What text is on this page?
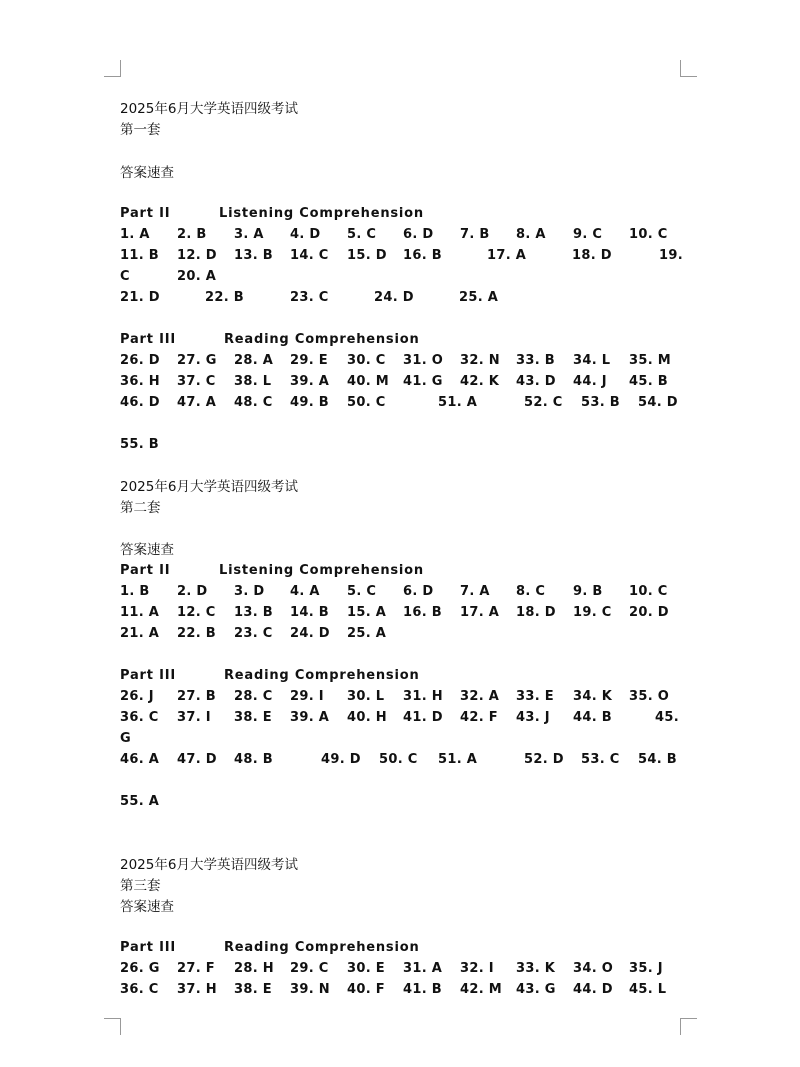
2025年6月大学英语四级考试
第一套
答案速查

Part II

	Listening Comprehension

1. A 2. B 3. A 4. D 5. C 6. D 7. B 8. A 9. C 10. C
11. B 12. D 13. B 14. C 15. D 16. B	17. A	18. D	19.
C	20. A
21. D	22. B	23. C	24. D	25. A

Part III

	Reading Comprehension

26. D 27. G 28. A 29. E 30. C 31. O 32. N 33. B 34. L 35. M
36. H 37. C 38. L 39. A 40. M 41. G 42. K 43. D 44. J 45. B
46. D 47. A 48. C 49. B 50. C	51. A	52. C 53. B 54. D
55. B
2025年6月大学英语四级考试
第二套
答案速查

Part II

	Listening Comprehension

1. B 2. D 3. D 4. A 5. C 6. D 7. A 8. C 9. B 10. C
11. A 12. C 13. B 14. B 15. A 16. B 17. A 18. D 19. C 20. D
21. A 22. B 23. C 24. D 25. A

Part III

	Reading Comprehension

26. J 27. B 28. C 29. I 30. L 31. H 32. A 33. E 34. K 35. O
36. C 37. I 38. E 39. A 40. H 41. D 42. F 43. J 44. B	45.
G
46. A 47. D 48. B	49. D 50. C 51. A	52. D 53. C 54. B
55. A
2025年6月大学英语四级考试
第三套
答案速查

Part III

	Reading Comprehension

26. G 27. F 28. H 29. C 30. E 31. A 32. I 33. K 34. O 35. J
36. C 37. H 38. E 39. N 40. F 41. B 42. M 43. G 44. D 45. L
